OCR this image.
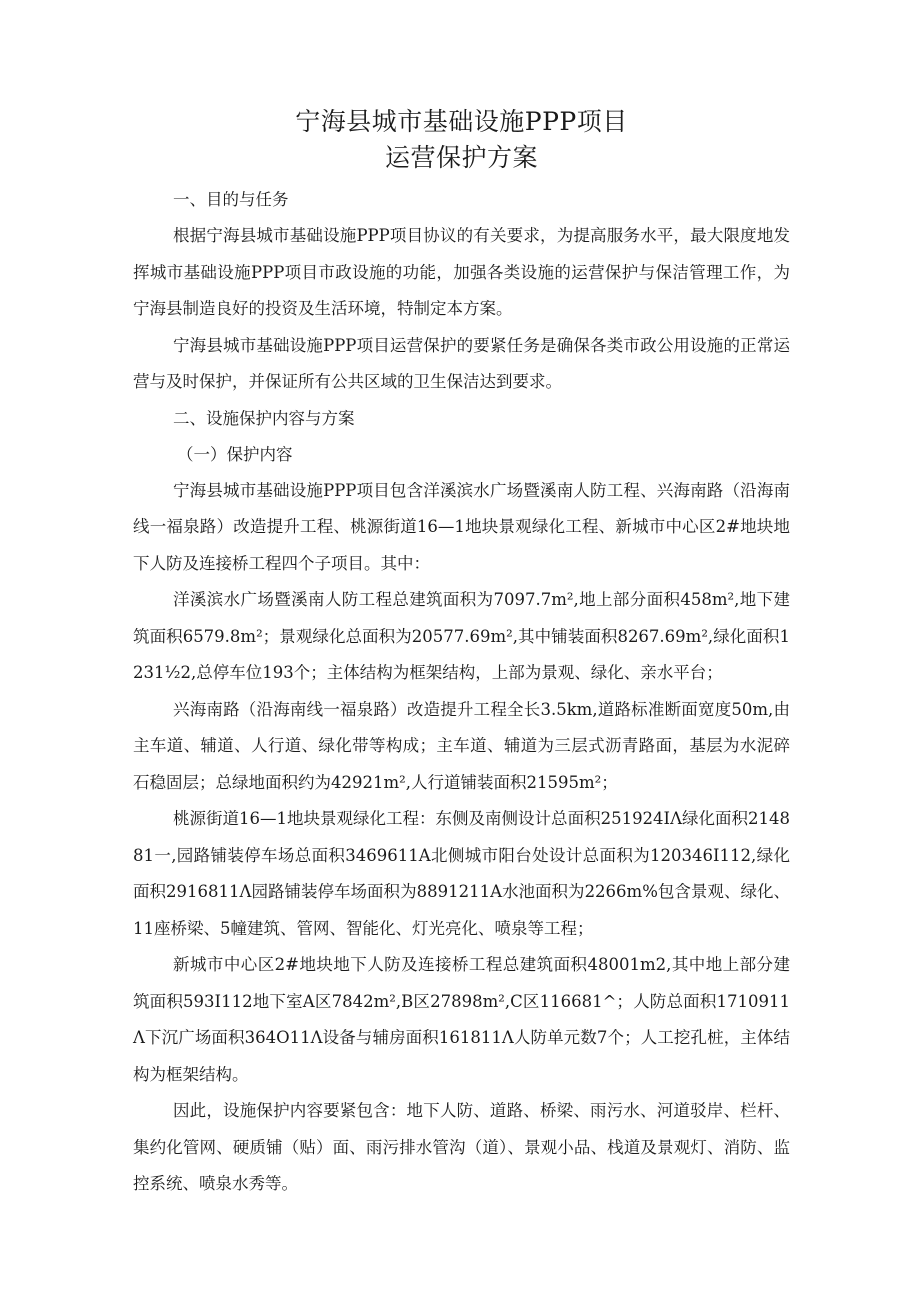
宁海县城市基础设施PPP项目
运营保护方案
一、目的与任务

根据宁海县城市基础设施PPP项目协议的有关要求，为提高服务水平，最大限度地发挥城市基础设施PPP项目市政设施的功能，加强各类设施的运营保护与保洁管理工作，为宁海县制造良好的投资及生活环境，特制定本方案。

宁海县城市基础设施PPP项目运营保护的要紧任务是确保各类市政公用设施的正常运营与及时保护，并保证所有公共区域的卫生保洁达到要求。

二、设施保护内容与方案
（一）保护内容

宁海县城市基础设施PPP项目包含洋溪滨水广场暨溪南人防工程、兴海南路（沿海南线一福泉路）改造提升工程、桃源街道16—1地块景观绿化工程、新城市中心区2#地块地下人防及连接桥工程四个子项目。其中：

洋溪滨水广场暨溪南人防工程总建筑面积为7097.7m²,地上部分面积458m²,地下建筑面积6579.8m²；景观绿化总面积为20577.69m²,其中铺装面积8267.69m²,绿化面积1231⅟₂2,总停车位193个；主体结构为框架结构，上部为景观、绿化、亲水平台；

兴海南路（沿海南线一福泉路）改造提升工程全长3.5km,道路标准断面宽度50m,由主车道、辅道、人行道、绿化带等构成；主车道、辅道为三层式沥青路面，基层为水泥碎石稳固层；总绿地面积约为42921m²,人行道铺装面积21595m²；

桃源街道16—1地块景观绿化工程：东侧及南侧设计总面积251924IΛ绿化面积214881一,园路铺装停车场总面积3469611A北侧城市阳台处设计总面积为120346I112,绿化面积2916811Λ园路铺装停车场面积为8891211A水池面积为2266m%包含景观、绿化、11座桥梁、5幢建筑、管网、智能化、灯光亮化、喷泉等工程；

新城市中心区2#地块地下人防及连接桥工程总建筑面积48001m2,其中地上部分建筑面积593I112地下室A区7842m²,B区27898m²,C区116681^；人防总面积1710911Λ下沉广场面积364O11Λ设备与辅房面积161811Λ人防单元数7个；人工挖孔桩，主体结构为框架结构。

因此，设施保护内容要紧包含：地下人防、道路、桥梁、雨污水、河道驳岸、栏杆、集约化管网、硬质铺（贴）面、雨污排水管沟（道）、景观小品、栈道及景观灯、消防、监控系统、喷泉水秀等。
